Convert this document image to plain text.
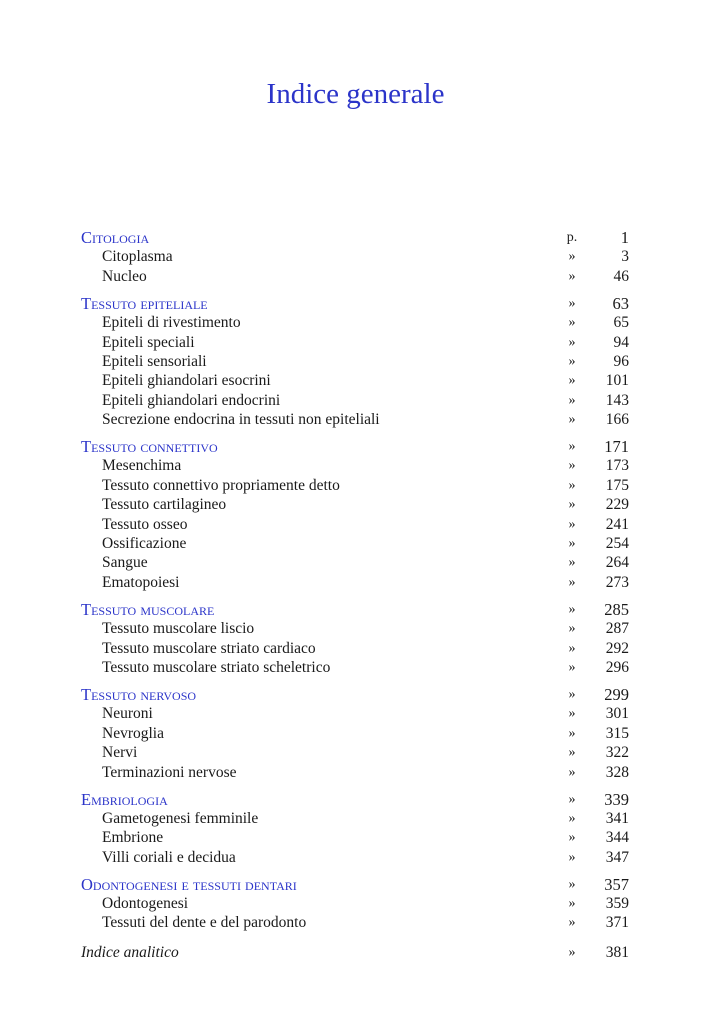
Indice generale
Citologia	p.	1
Citoplasma	»	3
Nucleo	»	46
Tessuto epiteliale	»	63
Epiteli di rivestimento	»	65
Epiteli speciali	»	94
Epiteli sensoriali	»	96
Epiteli ghiandolari esocrini	»	101
Epiteli ghiandolari endocrini	»	143
Secrezione endocrina in tessuti non epiteliali	»	166
Tessuto connettivo	»	171
Mesenchima	»	173
Tessuto connettivo propriamente detto	»	175
Tessuto cartilagineo	»	229
Tessuto osseo	»	241
Ossificazione	»	254
Sangue	»	264
Ematopoiesi	»	273
Tessuto muscolare	»	285
Tessuto muscolare liscio	»	287
Tessuto muscolare striato cardiaco	»	292
Tessuto muscolare striato scheletrico	»	296
Tessuto nervoso	»	299
Neuroni	»	301
Nevroglia	»	315
Nervi	»	322
Terminazioni nervose	»	328
Embriologia	»	339
Gametogenesi femminile	»	341
Embrione	»	344
Villi coriali e decidua	»	347
Odontogenesi e tessuti dentari	»	357
Odontogenesi	»	359
Tessuti del dente e del parodonto	»	371
Indice analitico	»	381
